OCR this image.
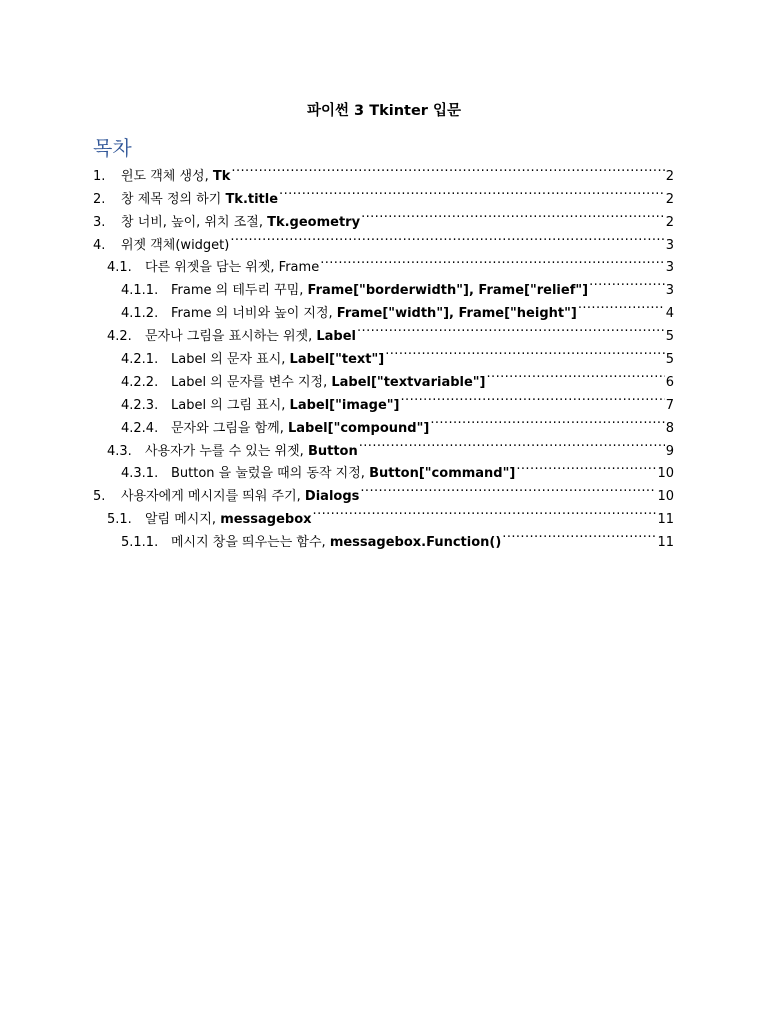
파이썬 3 Tkinter 입문
목차
1.	윈도 객체 생성, Tk .....	2
2.	창 제목 정의 하기 Tk.title .....	2
3.	창 너비, 높이, 위치 조절, Tk.geometry .....	2
4.	위젯 객체(widget) .....	3
4.1.	다른 위젯을 담는 위젯, Frame .....	3
4.1.1. Frame 의 테두리 꾸밈, Frame["borderwidth"], Frame["relief"] .....	3
4.1.2. Frame 의 너비와 높이 지정, Frame["width"], Frame["height"] .....	4
4.2.	문자나 그림을 표시하는 위젯, Label .....	5
4.2.1. Label 의 문자 표시, Label["text"] .....	5
4.2.2. Label 의 문자를 변수 지정, Label["textvariable"] .....	6
4.2.3. Label 의 그림 표시, Label["image"] .....	7
4.2.4. 문자와 그림을 함께, Label["compound"] .....	8
4.3.	사용자가 누를 수 있는 위젯, Button .....	9
4.3.1. Button 을 눌렀을 때의 동작 지정, Button["command"] .....	10
5.	사용자에게 메시지를 띄워 주기, Dialogs .....	10
5.1.	알림 메시지, messagebox .....	11
5.1.1. 메시지 창을 띄우는는 함수, messagebox.Function() .....	11
